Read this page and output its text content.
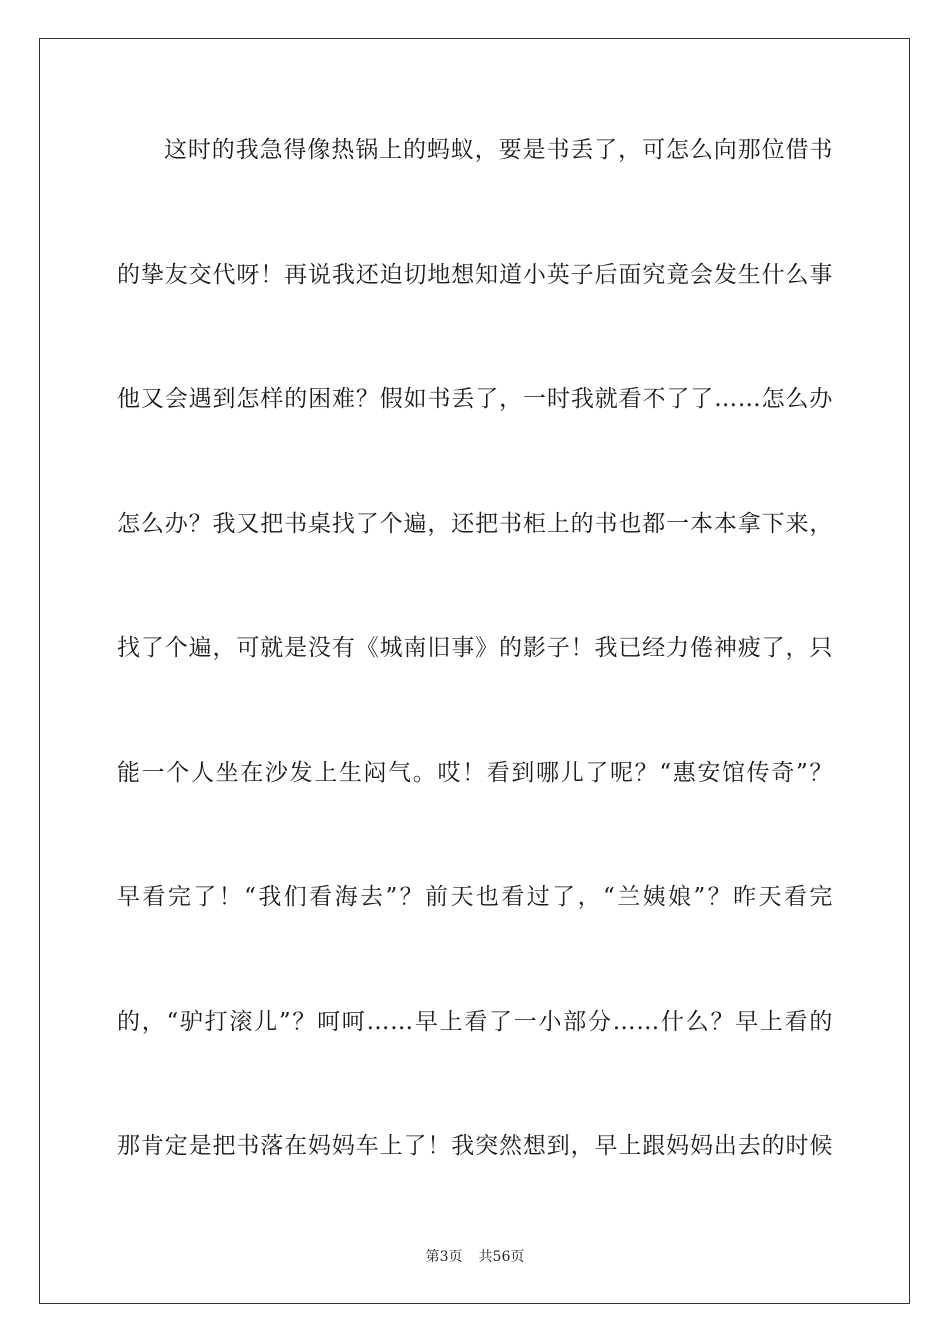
这时的我急得像热锅上的蚂蚁，要是书丢了，可怎么向那位借书
的挚友交代呀！再说我还迫切地想知道小英子后面究竟会发生什么事
他又会遇到怎样的困难？假如书丢了，一时我就看不了了……怎么办
怎么办？我又把书桌找了个遍，还把书柜上的书也都一本本拿下来，
找了个遍，可就是没有《城南旧事》的影子！我已经力倦神疲了，只
能一个人坐在沙发上生闷气。哎！看到哪儿了呢？“惠安馆传奇”？
早看完了！“我们看海去”？前天也看过了，“兰姨娘”？昨天看完
的，“驴打滚儿”？呵呵……早上看了一小部分……什么？早上看的
那肯定是把书落在妈妈车上了！我突然想到，早上跟妈妈出去的时候
第3页 共56页
